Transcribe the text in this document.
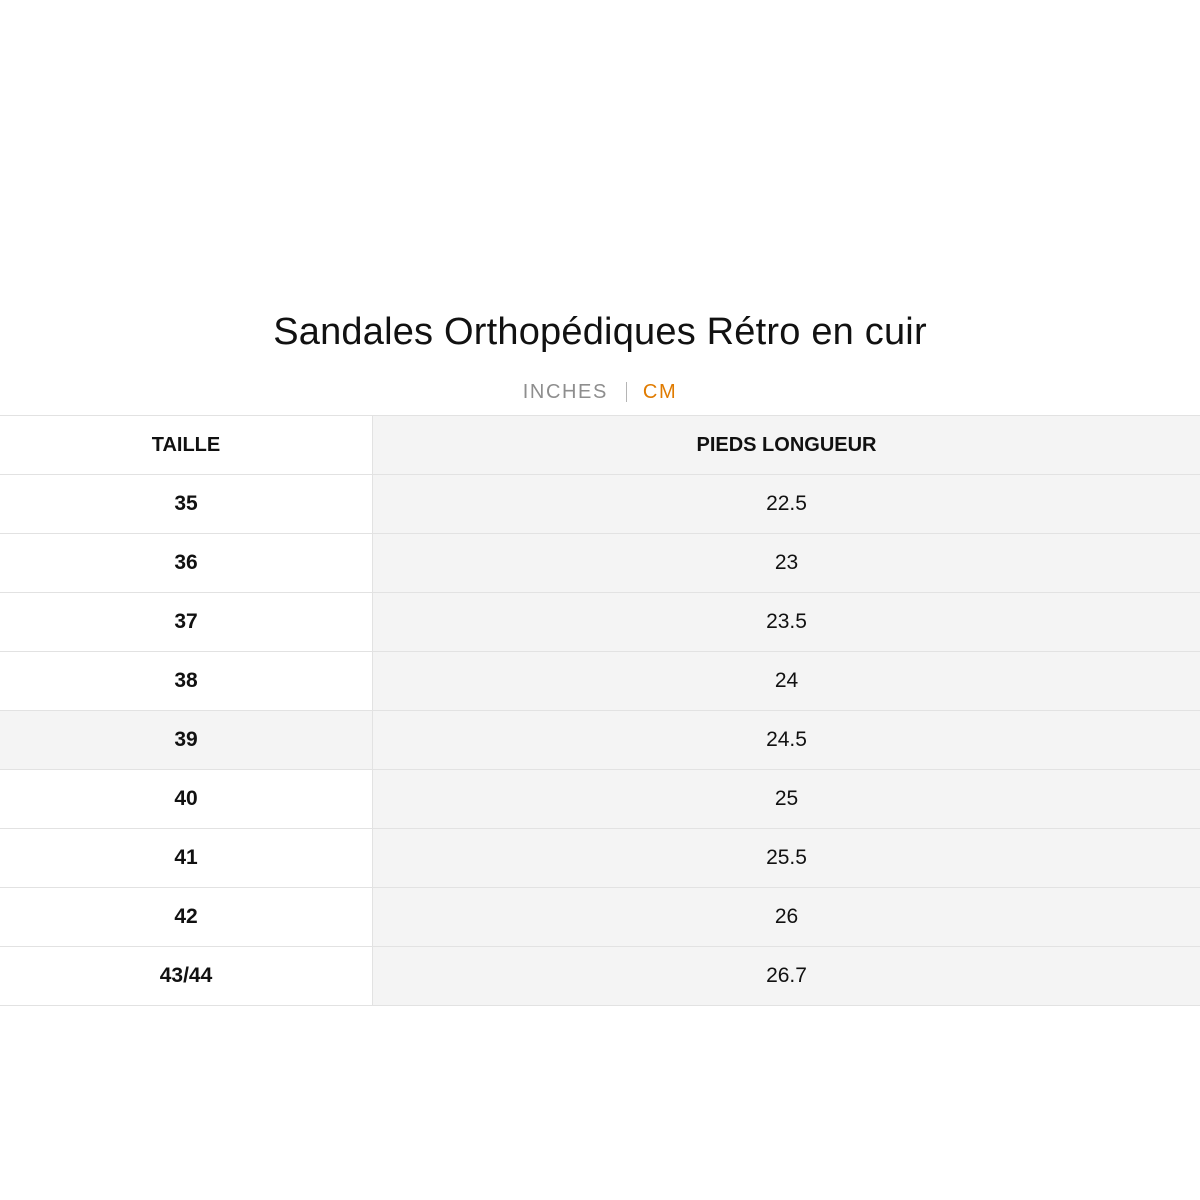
Sandales Orthopédiques Rétro en cuir
INCHES CM
TAILLE	PIEDS LONGUEUR
35	22.5
36	23
37	23.5
38	24
39	24.5
40	25
41	25.5
42	26
43/44	26.7
